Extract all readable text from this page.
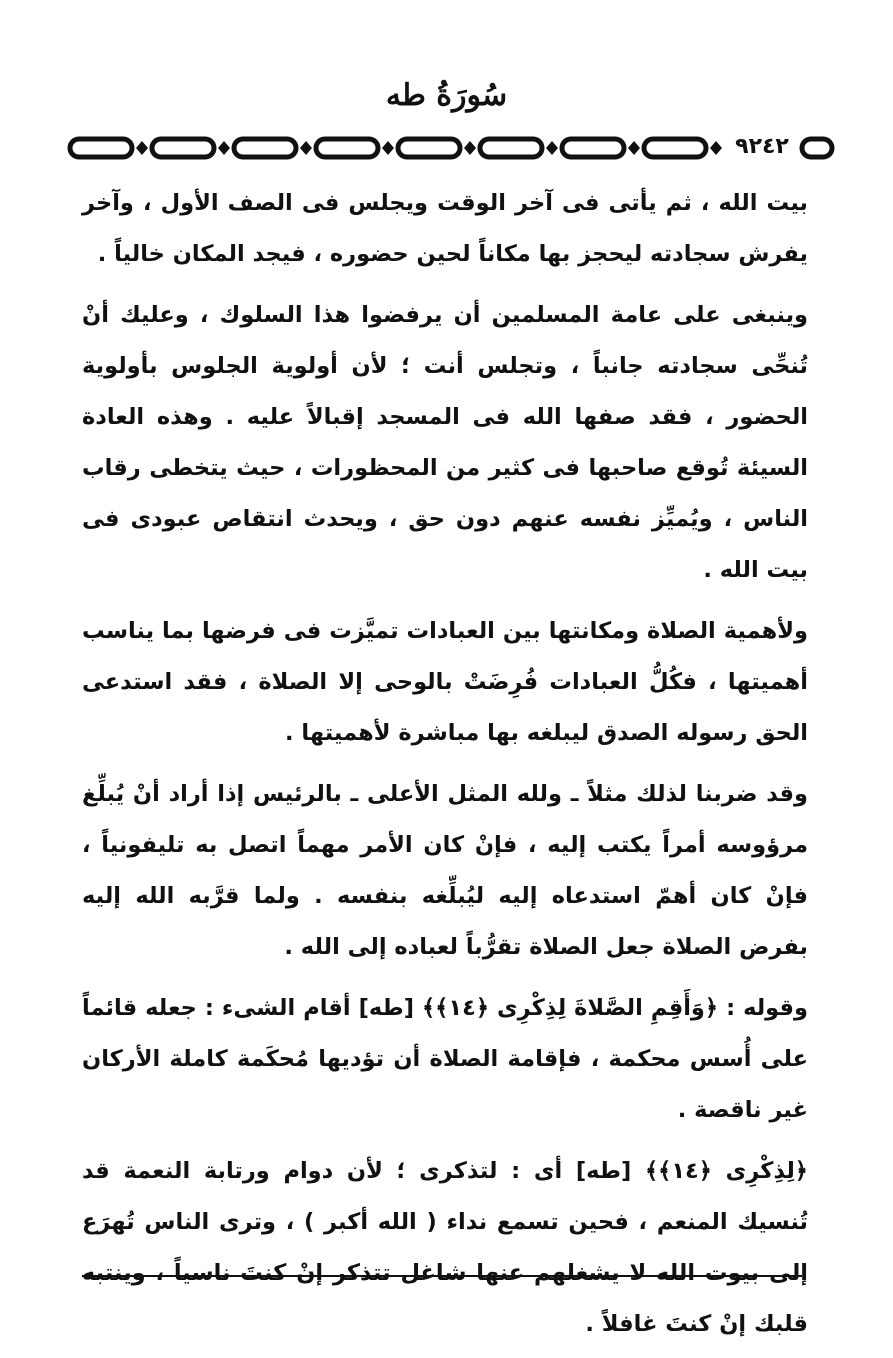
سُورَةُ طه
٩٢٤٢

بيت الله ، ثم يأتى فى آخر الوقت ويجلس فى الصف الأول ، وآخر يفرش سجادته ليحجز بها مكاناً لحين حضوره ، فيجد المكان خالياً .

وينبغى على عامة المسلمين أن يرفضوا هذا السلوك ، وعليك أنْ تُنحِّى سجادته جانباً ، وتجلس أنت ؛ لأن أولوية الجلوس بأولوية الحضور ، فقد صفها الله فى المسجد إقبالاً عليه . وهذه العادة السيئة تُوقع صاحبها فى كثير من المحظورات ، حيث يتخطى رقاب الناس ، ويُميِّز نفسه عنهم دون حق ، ويحدث انتقاص عبودى فى بيت الله .

ولأهمية الصلاة ومكانتها بين العبادات تميَّزت فى فرضها بما يناسب أهميتها ، فكُلُّ العبادات فُرِضَتْ بالوحى إلا الصلاة ، فقد استدعى الحق رسوله الصدق ليبلغه بها مباشرة لأهميتها .

وقد ضربنا لذلك مثلاً ـ ولله المثل الأعلى ـ بالرئيس إذا أراد أنْ يُبلِّغ مرؤوسه أمراً يكتب إليه ، فإنْ كان الأمر مهماً اتصل به تليفونياً ، فإنْ كان أهمّ استدعاه إليه ليُبلِّغه بنفسه . ولما قرَّبه الله إليه بفرض الصلاة جعل الصلاة تقرُّباً لعباده إلى الله .

وقوله : ﴿وَأَقِمِ الصَّلاةَ لِذِكْرِى ﴿١٤﴾﴾ [طه] أقام الشىء : جعله قائماً على أُسس محكمة ، فإقامة الصلاة أن تؤديها مُحكَمة كاملة الأركان غير ناقصة .

﴿لِذِكْرِى ﴿١٤﴾﴾ [طه] أى : لتذكرى ؛ لأن دوام ورتابة النعمة قد تُنسيك المنعم ، فحين تسمع نداء ( الله أكبر ) ، وترى الناس تُهرَع إلى بيوت الله لا يشغلهم عنها شاغل تتذكر إنْ كنتَ ناسياً ، وينتبه قلبك إنْ كنتَ غافلاً .
